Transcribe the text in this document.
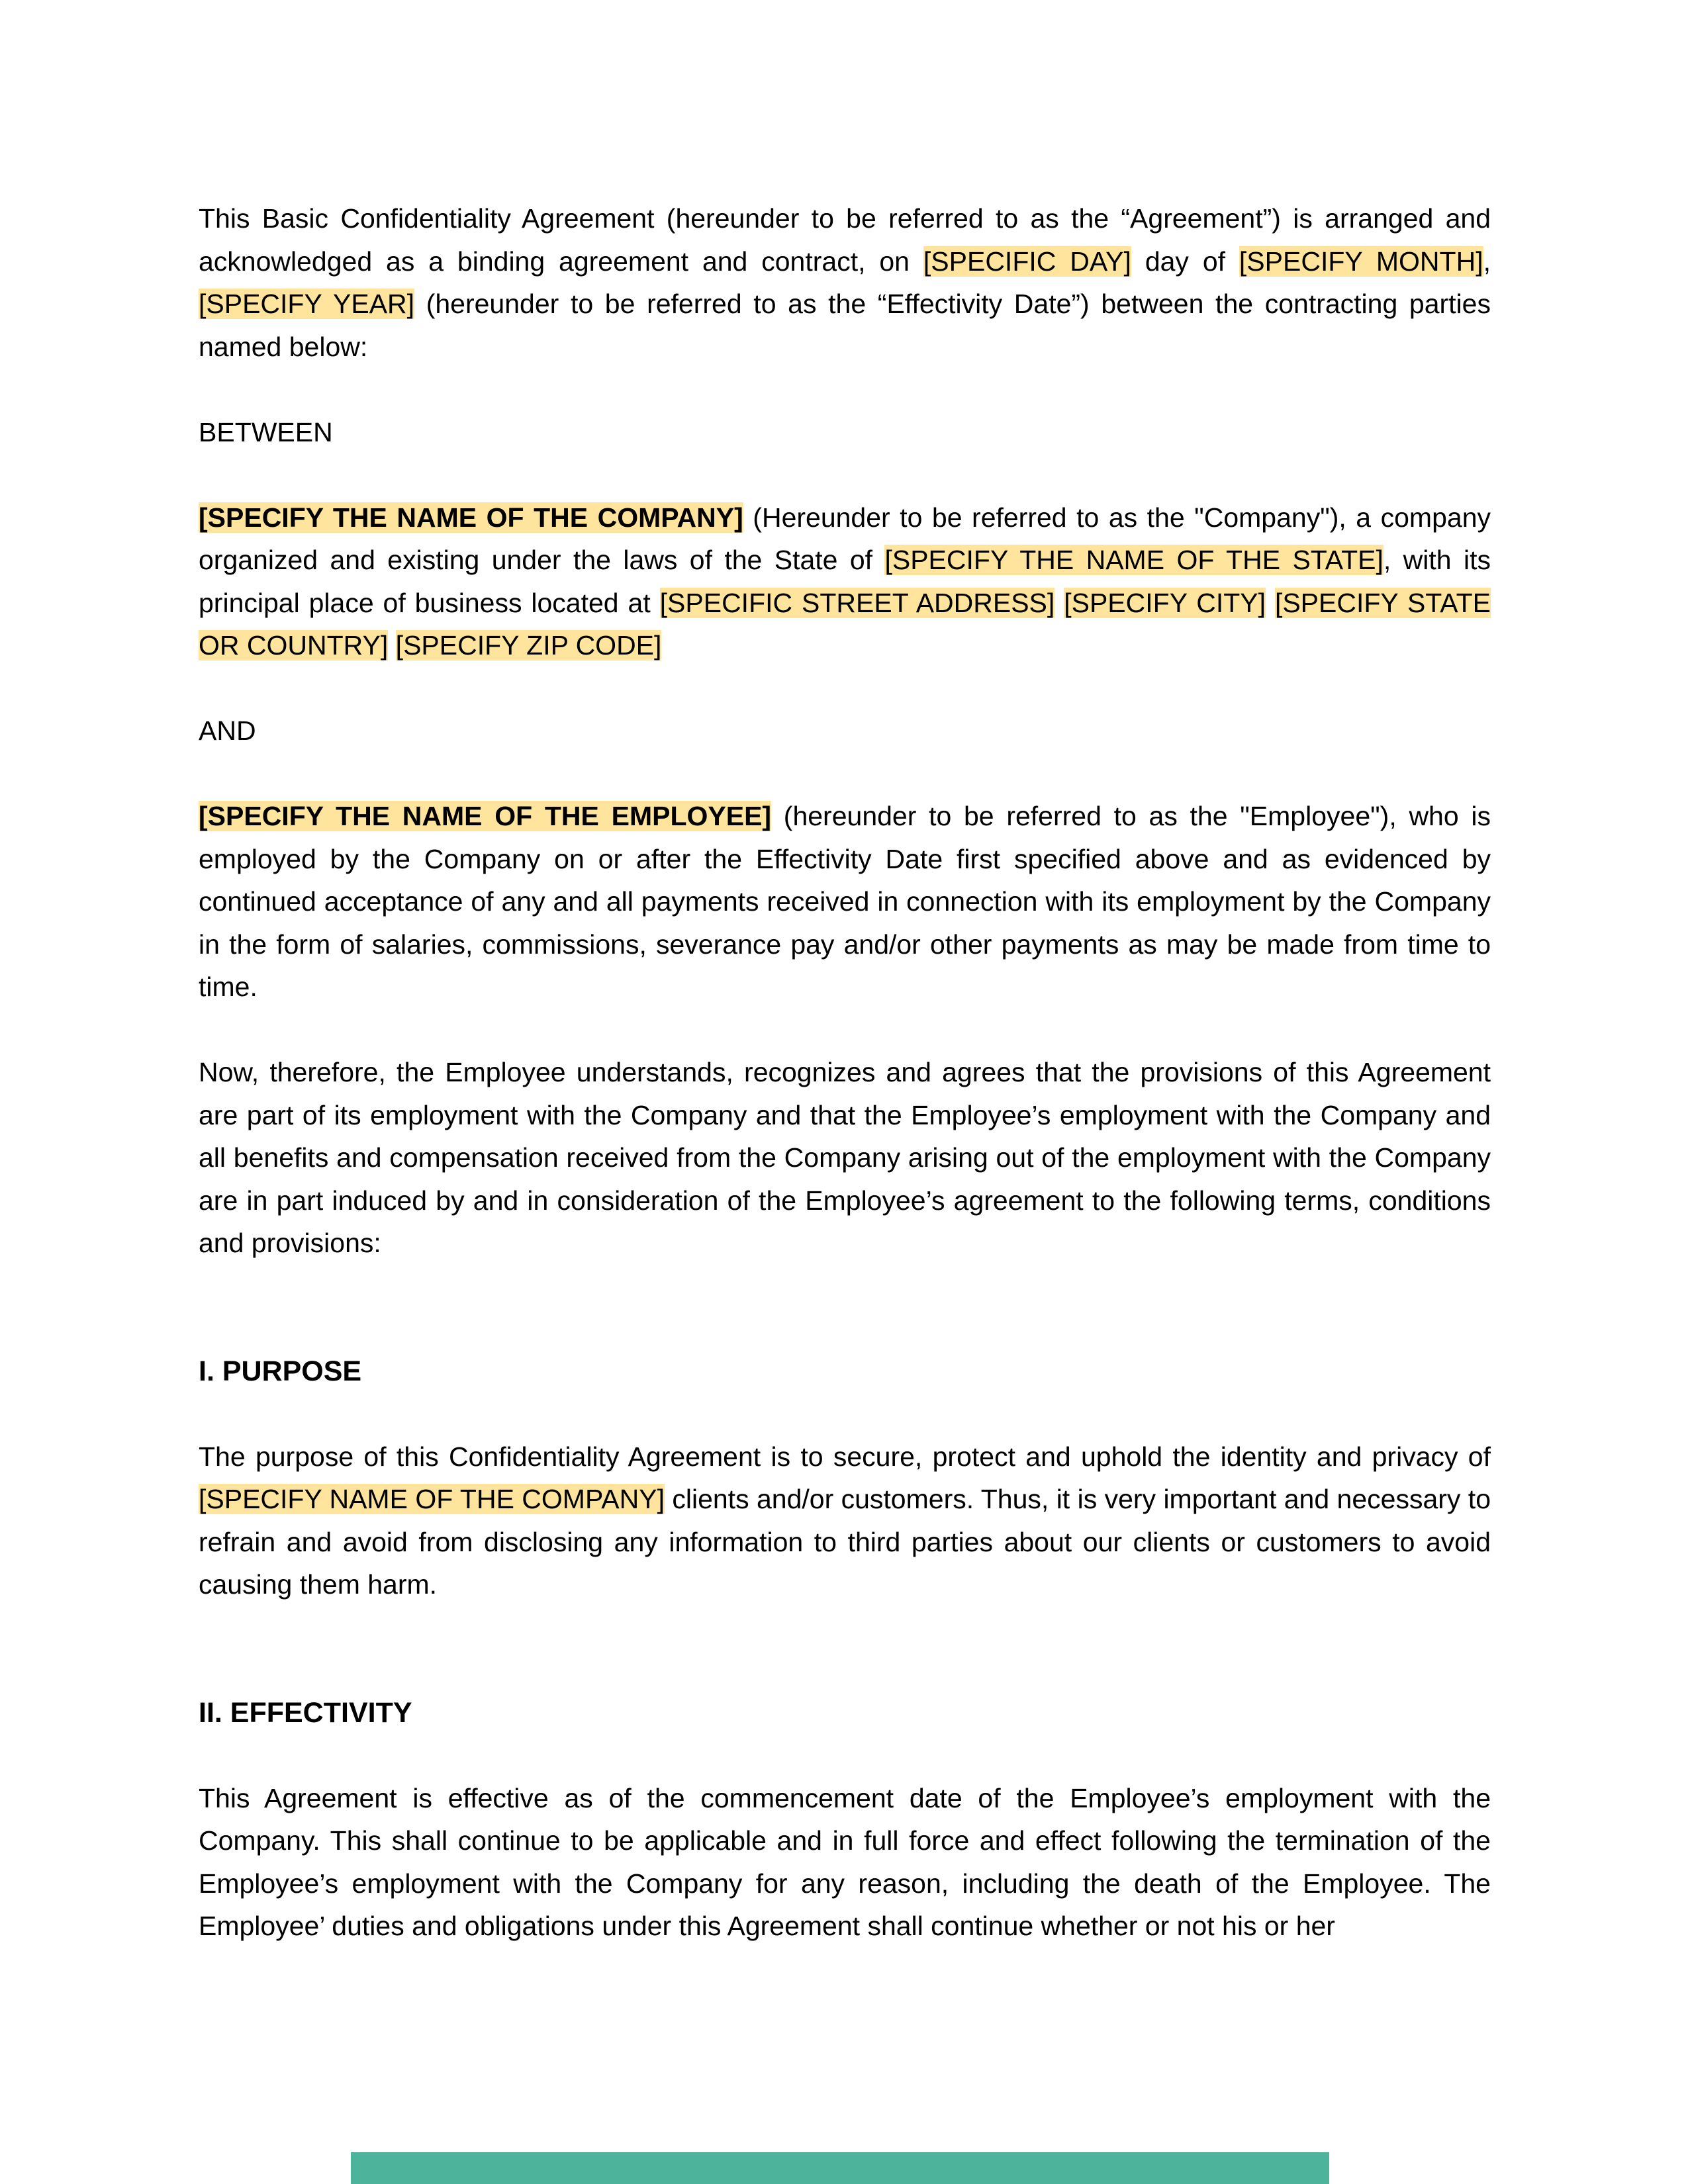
This Basic Confidentiality Agreement (hereunder to be referred to as the “Agreement”) is arranged and acknowledged as a binding agreement and contract, on [SPECIFIC DAY] day of [SPECIFY MONTH], [SPECIFY YEAR] (hereunder to be referred to as the “Effectivity Date”) between the contracting parties named below:

BETWEEN

[SPECIFY THE NAME OF THE COMPANY] (Hereunder to be referred to as the "Company"), a company organized and existing under the laws of the State of [SPECIFY THE NAME OF THE STATE], with its principal place of business located at [SPECIFIC STREET ADDRESS] [SPECIFY CITY] [SPECIFY STATE OR COUNTRY] [SPECIFY ZIP CODE]

AND

[SPECIFY THE NAME OF THE EMPLOYEE] (hereunder to be referred to as the "Employee"), who is employed by the Company on or after the Effectivity Date first specified above and as evidenced by continued acceptance of any and all payments received in connection with its employment by the Company in the form of salaries, commissions, severance pay and/or other payments as may be made from time to time.

Now, therefore, the Employee understands, recognizes and agrees that the provisions of this Agreement are part of its employment with the Company and that the Employee’s employment with the Company and all benefits and compensation received from the Company arising out of the employment with the Company are in part induced by and in consideration of the Employee’s agreement to the following terms, conditions and provisions:

I. PURPOSE

The purpose of this Confidentiality Agreement is to secure, protect and uphold the identity and privacy of [SPECIFY NAME OF THE COMPANY] clients and/or customers. Thus, it is very important and necessary to refrain and avoid from disclosing any information to third parties about our clients or customers to avoid causing them harm.

II. EFFECTIVITY

This Agreement is effective as of the commencement date of the Employee’s employment with the Company. This shall continue to be applicable and in full force and effect following the termination of the Employee’s employment with the Company for any reason, including the death of the Employee. The Employee’ duties and obligations under this Agreement shall continue whether or not his or her
